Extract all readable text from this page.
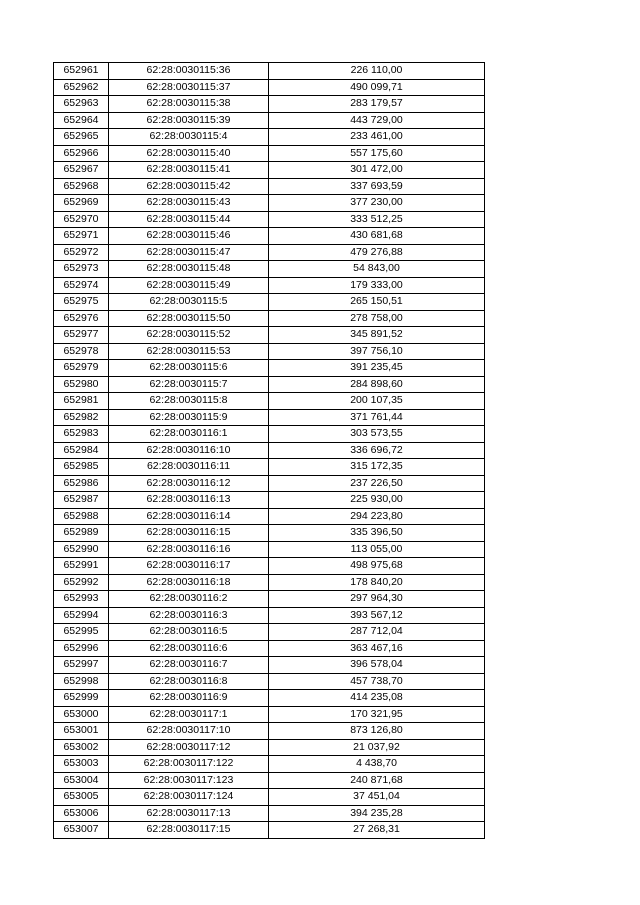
652961	62:28:0030115:36	226 110,00
652962	62:28:0030115:37	490 099,71
652963	62:28:0030115:38	283 179,57
652964	62:28:0030115:39	443 729,00
652965	62:28:0030115:4	233 461,00
652966	62:28:0030115:40	557 175,60
652967	62:28:0030115:41	301 472,00
652968	62:28:0030115:42	337 693,59
652969	62:28:0030115:43	377 230,00
652970	62:28:0030115:44	333 512,25
652971	62:28:0030115:46	430 681,68
652972	62:28:0030115:47	479 276,88
652973	62:28:0030115:48	54 843,00
652974	62:28:0030115:49	179 333,00
652975	62:28:0030115:5	265 150,51
652976	62:28:0030115:50	278 758,00
652977	62:28:0030115:52	345 891,52
652978	62:28:0030115:53	397 756,10
652979	62:28:0030115:6	391 235,45
652980	62:28:0030115:7	284 898,60
652981	62:28:0030115:8	200 107,35
652982	62:28:0030115:9	371 761,44
652983	62:28:0030116:1	303 573,55
652984	62:28:0030116:10	336 696,72
652985	62:28:0030116:11	315 172,35
652986	62:28:0030116:12	237 226,50
652987	62:28:0030116:13	225 930,00
652988	62:28:0030116:14	294 223,80
652989	62:28:0030116:15	335 396,50
652990	62:28:0030116:16	113 055,00
652991	62:28:0030116:17	498 975,68
652992	62:28:0030116:18	178 840,20
652993	62:28:0030116:2	297 964,30
652994	62:28:0030116:3	393 567,12
652995	62:28:0030116:5	287 712,04
652996	62:28:0030116:6	363 467,16
652997	62:28:0030116:7	396 578,04
652998	62:28:0030116:8	457 738,70
652999	62:28:0030116:9	414 235,08
653000	62:28:0030117:1	170 321,95
653001	62:28:0030117:10	873 126,80
653002	62:28:0030117:12	21 037,92
653003	62:28:0030117:122	4 438,70
653004	62:28:0030117:123	240 871,68
653005	62:28:0030117:124	37 451,04
653006	62:28:0030117:13	394 235,28
653007	62:28:0030117:15	27 268,31
